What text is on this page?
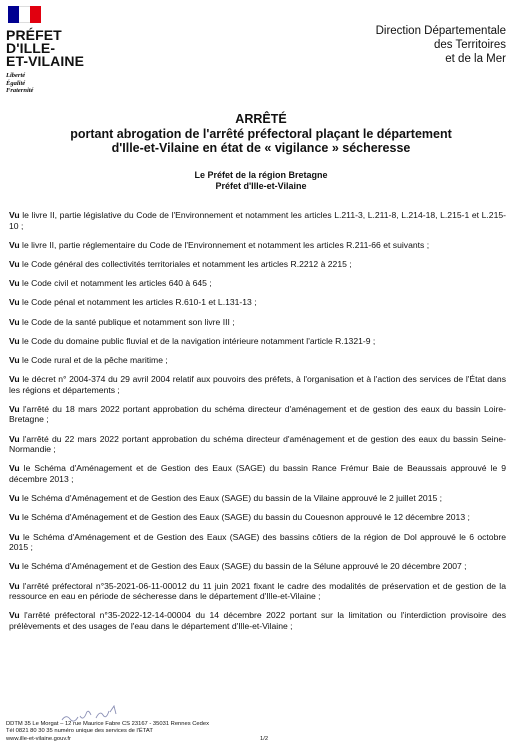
PRÉFET
D'ILLE-
ET-VILAINE
Liberté
Égalité
Fraternité
Direction Départementale
des Territoires
et de la Mer
ARRÊTÉ
portant abrogation de l'arrêté préfectoral plaçant le département
d'Ille-et-Vilaine en état de « vigilance » sécheresse
Le Préfet de la région Bretagne
Préfet d'Ille-et-Vilaine
Vu le livre II, partie législative du Code de l'Environnement et notamment les articles L.211-3, L.211-8, L.214-18, L.215-1 et L.215-10 ;
Vu le livre II, partie réglementaire du Code de l'Environnement et notamment les articles R.211-66 et suivants ;
Vu le Code général des collectivités territoriales et notamment les articles R.2212 à 2215 ;
Vu le Code civil et notamment les articles 640 à 645 ;
Vu le Code pénal et notamment les articles R.610-1 et L.131-13 ;
Vu le Code de la santé publique et notamment son livre III ;
Vu le Code du domaine public fluvial et de la navigation intérieure notamment l'article R.1321-9 ;
Vu le Code rural et de la pêche maritime ;
Vu le décret n° 2004-374 du 29 avril 2004 relatif aux pouvoirs des préfets, à l'organisation et à l'action des services de l'État dans les régions et départements ;
Vu l'arrêté du 18 mars 2022 portant approbation du schéma directeur d'aménagement et de gestion des eaux du bassin Loire-Bretagne ;
Vu l'arrêté du 22 mars 2022 portant approbation du schéma directeur d'aménagement et de gestion des eaux du bassin Seine-Normandie ;
Vu le Schéma d'Aménagement et de Gestion des Eaux (SAGE) du bassin Rance Frémur Baie de Beaussais approuvé le 9 décembre 2013 ;
Vu le Schéma d'Aménagement et de Gestion des Eaux (SAGE) du bassin de la Vilaine approuvé le 2 juillet 2015 ;
Vu le Schéma d'Aménagement et de Gestion des Eaux (SAGE) du bassin du Couesnon approuvé le 12 décembre 2013 ;
Vu le Schéma d'Aménagement et de Gestion des Eaux (SAGE) des bassins côtiers de la région de Dol approuvé le 6 octobre 2015 ;
Vu le Schéma d'Aménagement et de Gestion des Eaux (SAGE) du bassin de la Sélune approuvé le 20 décembre 2007 ;
Vu l'arrêté préfectoral n°35-2021-06-11-00012 du 11 juin 2021 fixant le cadre des modalités de préservation et de gestion de la ressource en eau en période de sécheresse dans le département d'Ille-et-Vilaine ;
Vu l'arrêté préfectoral n°35-2022-12-14-00004 du 14 décembre 2022 portant sur la limitation ou l'interdiction provisoire des prélèvements et des usages de l'eau dans le département d'Ille-et-Vilaine ;
DDTM 35 Le Morgat – 12 rue Maurice Fabre CS 23167 - 35031 Rennes Cedex
Tél 0821 80 30 35 numéro unique des services de l'ÉTAT
www.ille-et-vilaine.gouv.fr	1/2
